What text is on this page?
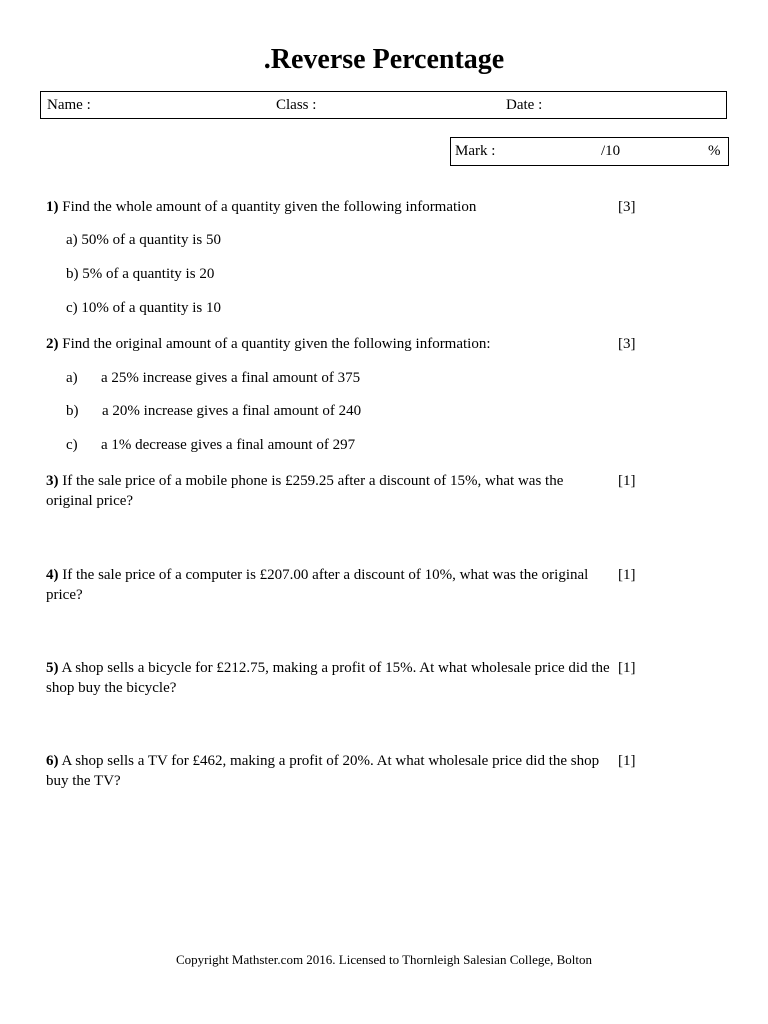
.Reverse Percentage
Name :	Class :	Date :
Mark :	/10	%
1) Find the whole amount of a quantity given the following information	[3]
a) 50% of a quantity is 50
b) 5% of a quantity is 20
c) 10% of a quantity is 10
2) Find the original amount of a quantity given the following information:	[3]
a) a 25% increase gives a final amount of 375
b) a 20% increase gives a final amount of 240
c) a 1% decrease gives a final amount of 297
3) If the sale price of a mobile phone is £259.25 after a discount of 15%, what was the original price?
[1]
4) If the sale price of a computer is £207.00 after a discount of 10%, what was the original price?
[1]
5) A shop sells a bicycle for £212.75, making a profit of 15%. At what wholesale price did the shop buy the bicycle?
[1]
6) A shop sells a TV for £462, making a profit of 20%. At what wholesale price did the shop buy the TV?
[1]
Copyright Mathster.com 2016. Licensed to Thornleigh Salesian College, Bolton
